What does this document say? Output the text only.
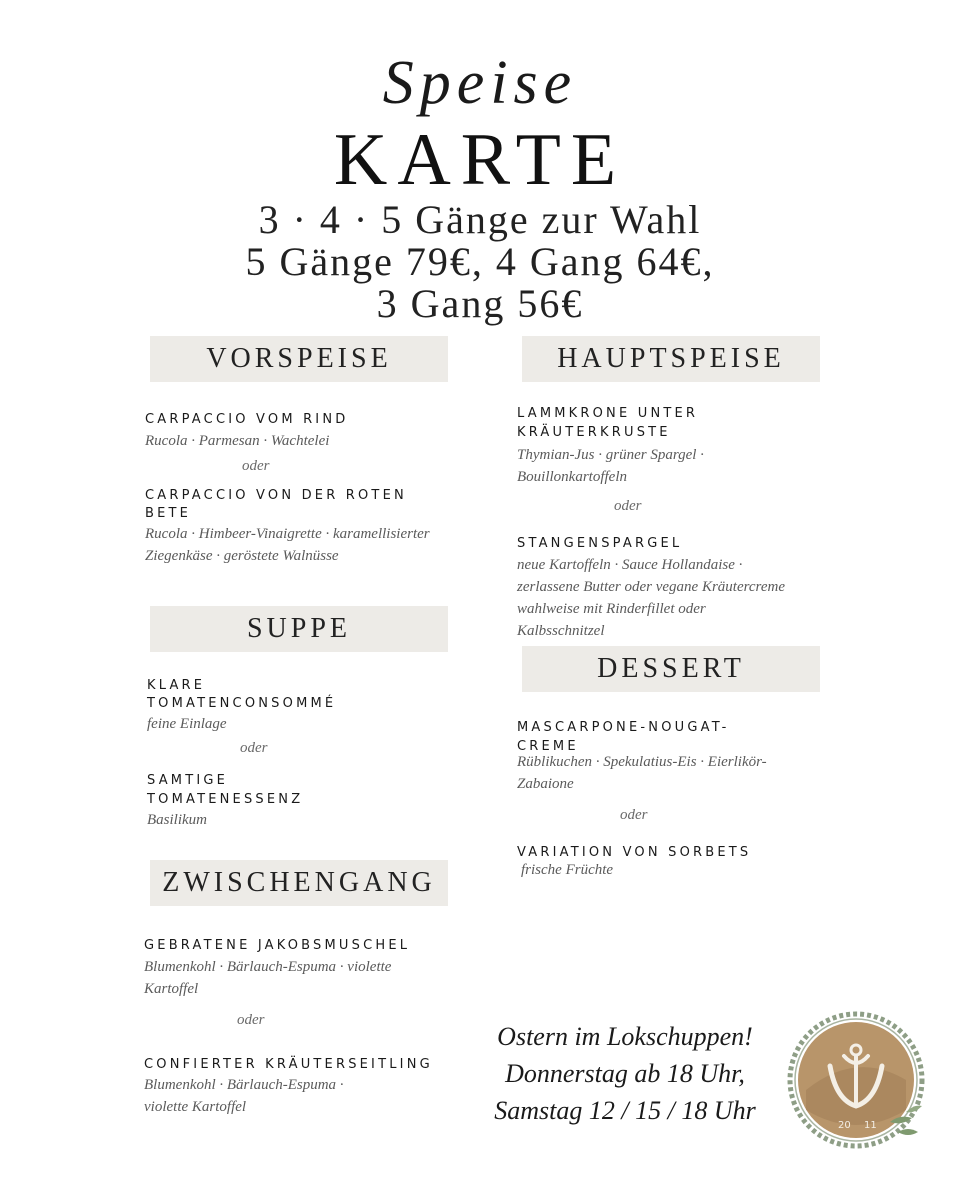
Speise
KARTE
3 · 4 · 5 Gänge zur Wahl
5 Gänge 79€, 4 Gang 64€,
3 Gang 56€
VORSPEISE
CARPACCIO VOM RIND
Rucola · Parmesan · Wachtelei
oder
CARPACCIO VON DER ROTEN
BETE
Rucola · Himbeer-Vinaigrette · karamellisierter
Ziegenkäse · geröstete Walnüsse
SUPPE
KLARE
TOMATENCONSOMMÉ
feine Einlage
oder
SAMTIGE
TOMATENESSENZ
Basilikum
ZWISCHENGANG
GEBRATENE JAKOBSMUSCHEL
Blumenkohl · Bärlauch-Espuma · violette
Kartoffel
oder
CONFIERTER KRÄUTERSEITLING
Blumenkohl · Bärlauch-Espuma ·
violette Kartoffel
HAUPTSPEISE
LAMMKRONE UNTER
KRÄUTERKRUSTE
Thymian-Jus · grüner Spargel ·
Bouillonkartoffeln
oder
STANGENSPARGEL
neue Kartoffeln · Sauce Hollandaise ·
zerlassene Butter oder vegane Kräutercreme
wahlweise mit Rinderfillet oder
Kalbsschnitzel
DESSERT
MASCARPONE-NOUGAT-
CREME
Rüblikuchen · Spekulatius-Eis · Eierlikör-
Zabaione
oder
VARIATION VON SORBETS
frische Früchte
Ostern im Lokschuppen!
Donnerstag ab 18 Uhr,
Samstag 12 / 15 / 18 Uhr
20 11
